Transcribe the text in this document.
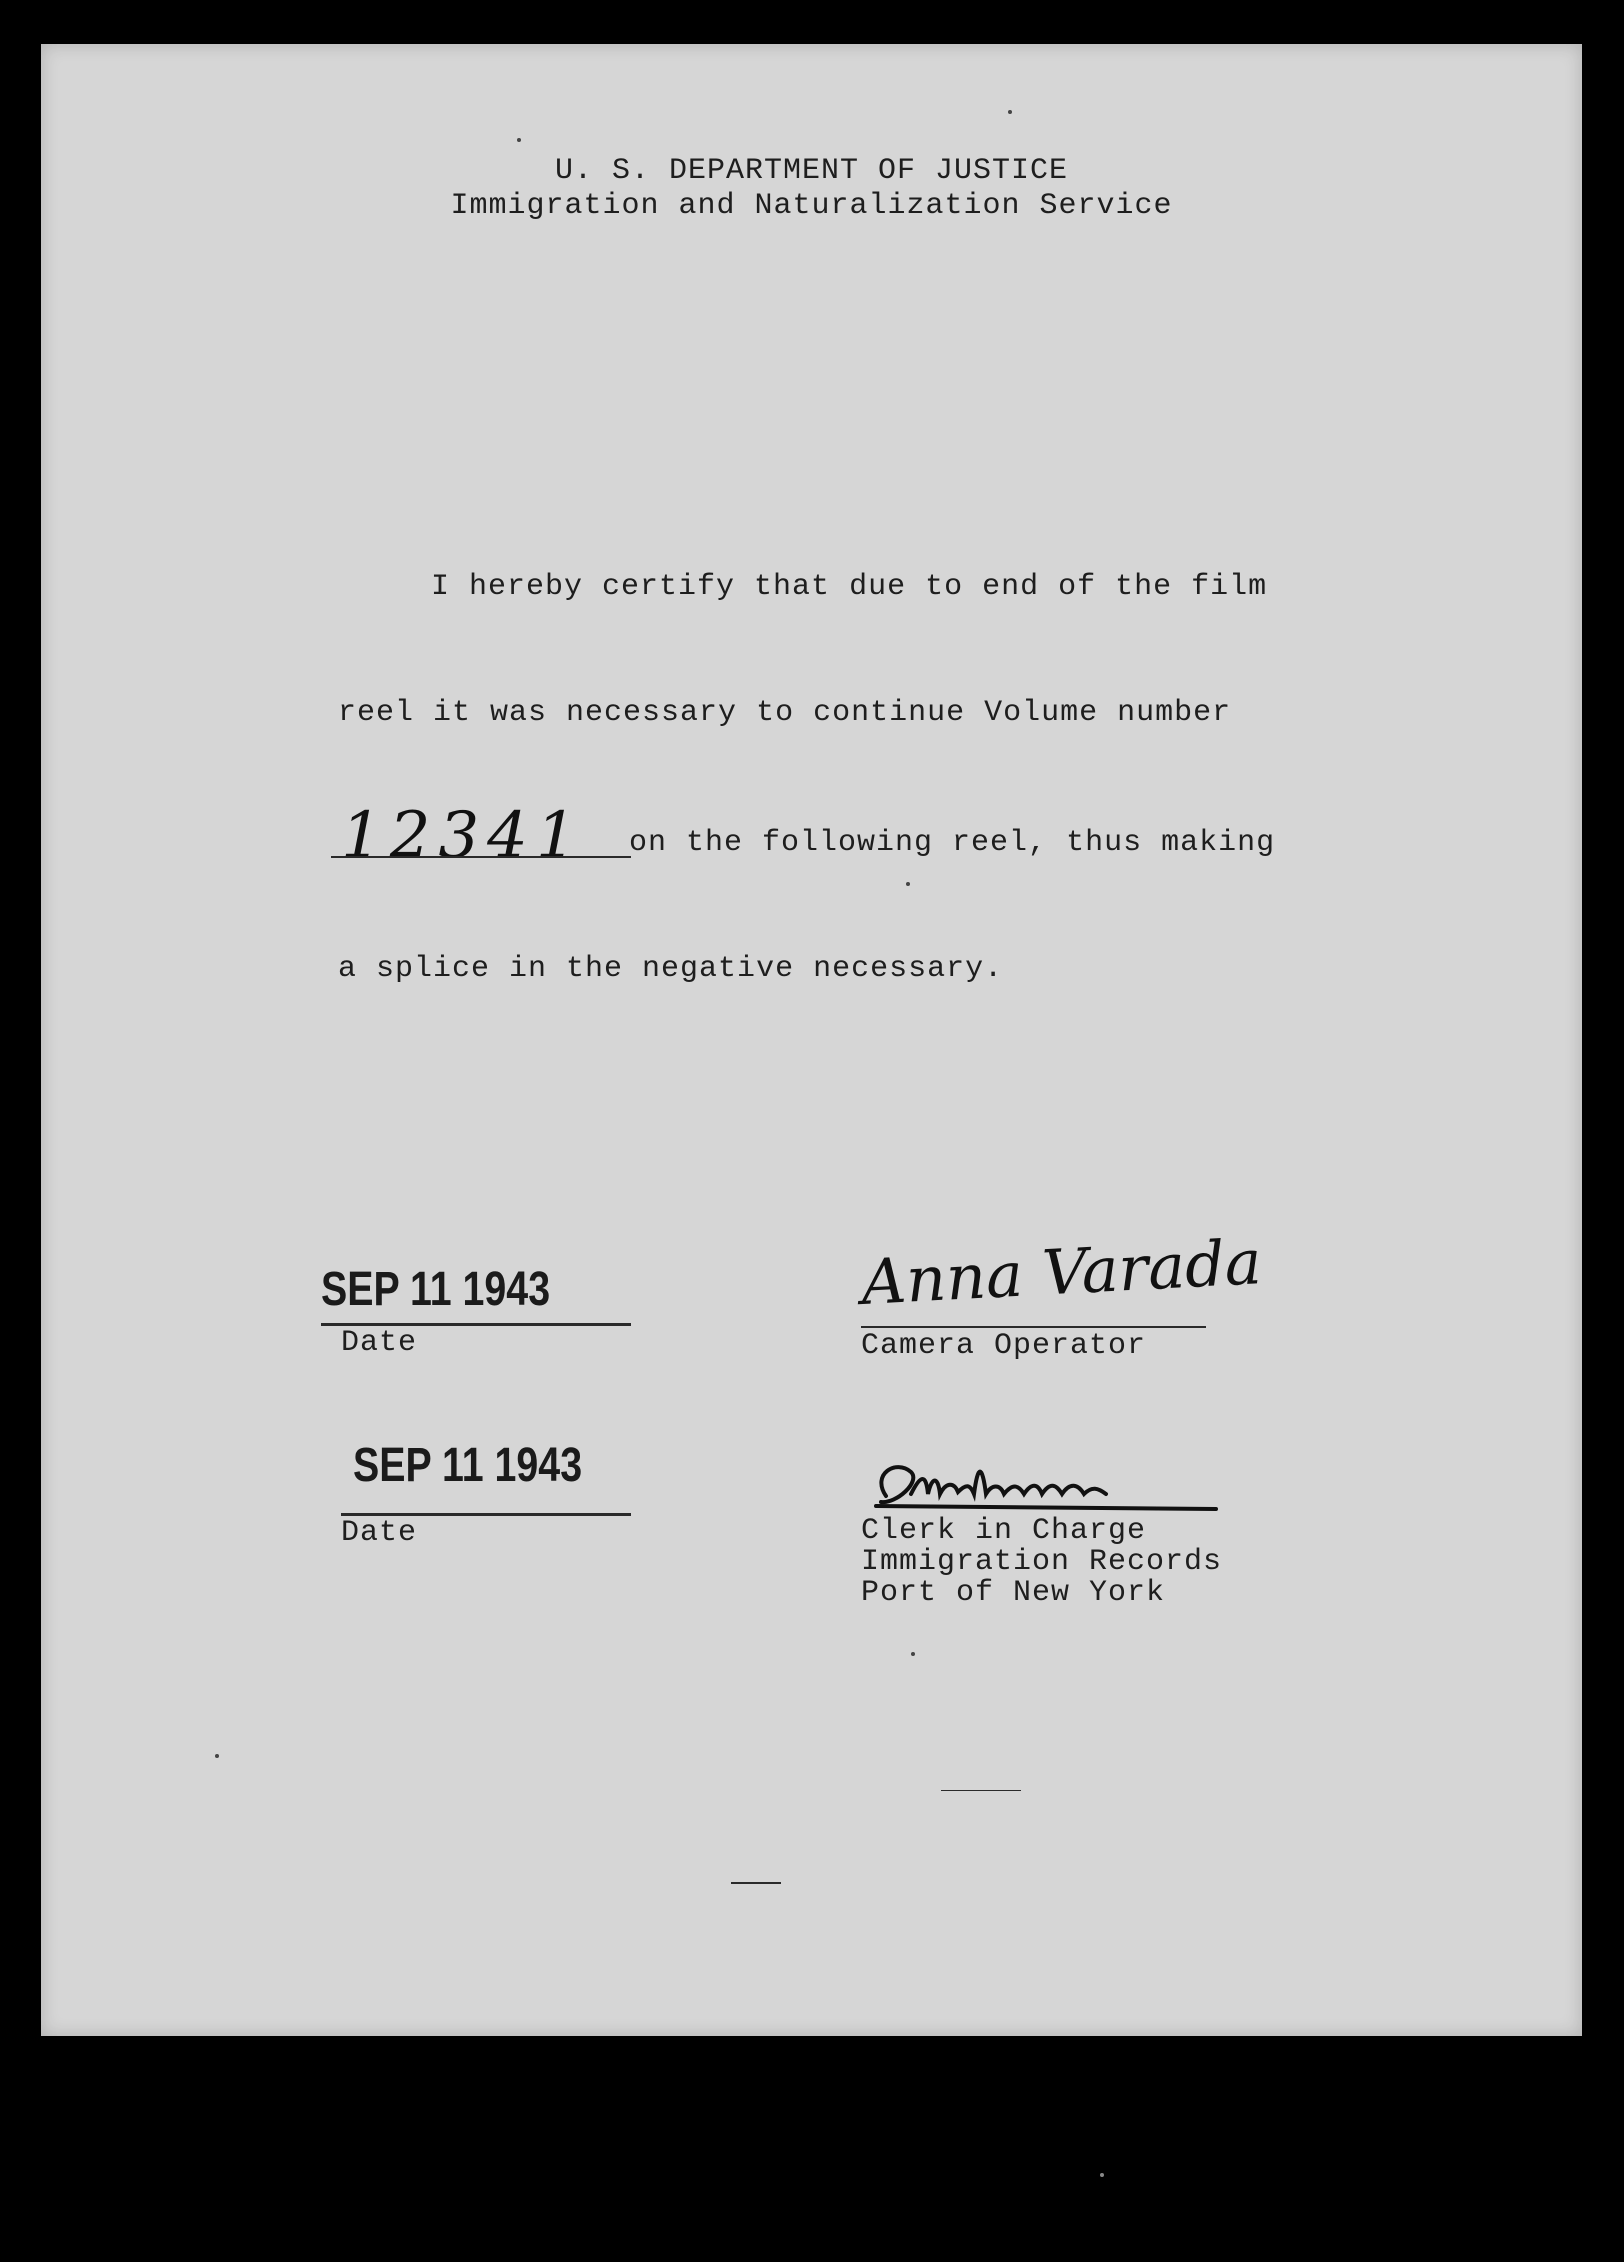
U. S. DEPARTMENT OF JUSTICE
Immigration and Naturalization Service
I hereby certify that due to end of the film
reel it was necessary to continue Volume number
12341 on the following reel, thus making
a splice in the negative necessary.
SEP 11 1943
Date
SEP 11 1943
Date
Anna Varada
Camera Operator
Clerk in Charge
Immigration Records
Port of New York
